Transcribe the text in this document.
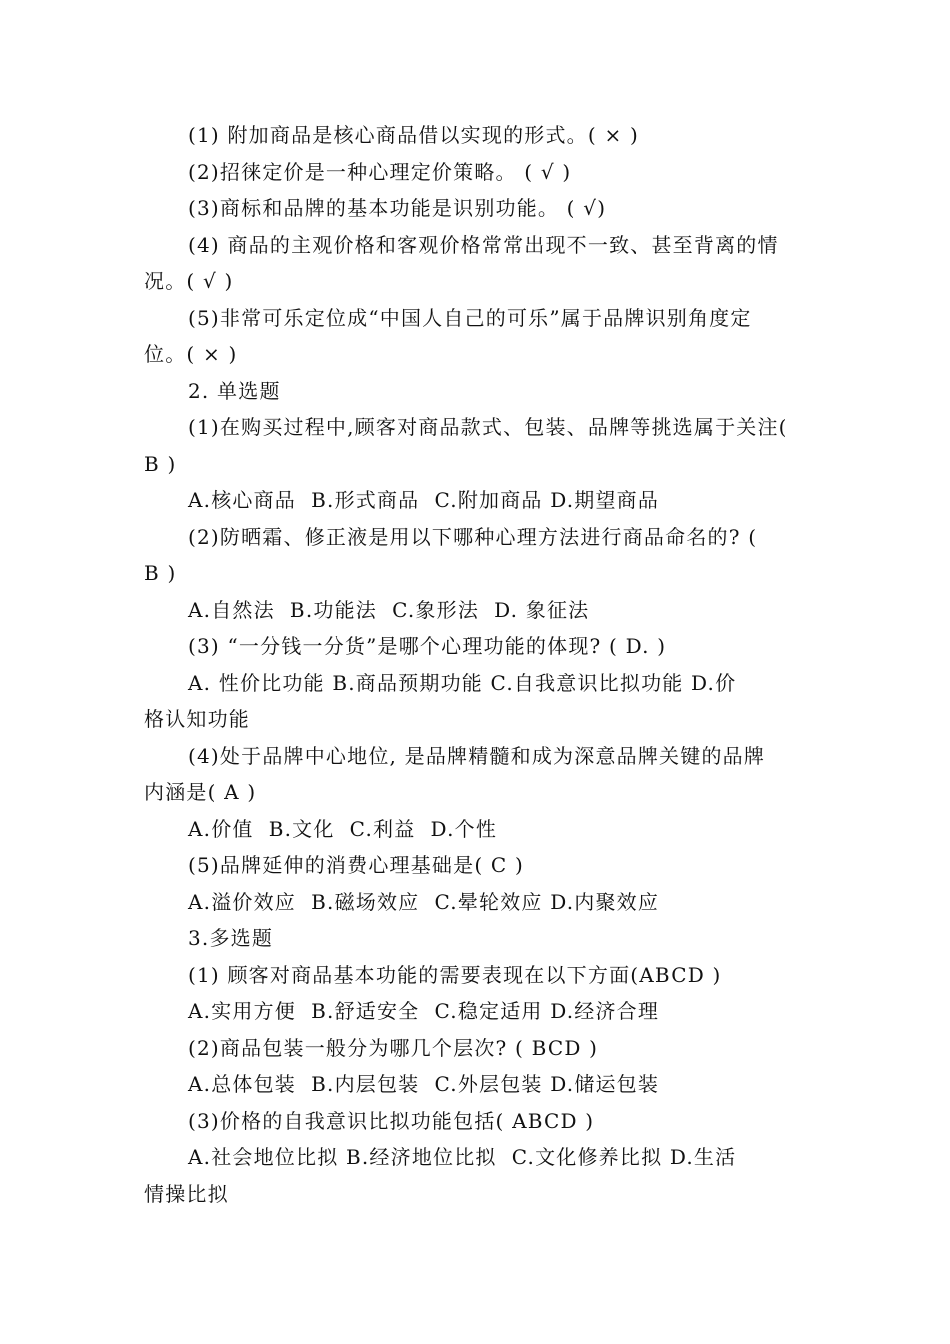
(1) 附加商品是核心商品借以实现的形式。( × )
(2)招徕定价是一种心理定价策略。 ( √ )
(3)商标和品牌的基本功能是识别功能。 ( √)
(4) 商品的主观价格和客观价格常常出现不一致、甚至背离的情
况。( √ )
(5)非常可乐定位成“中国人自己的可乐”属于品牌识别角度定
位。( × )
2. 单选题
(1)在购买过程中,顾客对商品款式、包装、品牌等挑选属于关注(
B )
A.核心商品  B.形式商品  C.附加商品 D.期望商品
(2)防晒霜、修正液是用以下哪种心理方法进行商品命名的? (
B )
A.自然法  B.功能法  C.象形法  D. 象征法
(3) “一分钱一分货”是哪个心理功能的体现? ( D. )
A. 性价比功能 B.商品预期功能 C.自我意识比拟功能 D.价
格认知功能
(4)处于品牌中心地位, 是品牌精髓和成为深意品牌关键的品牌
内涵是( A )
A.价值  B.文化  C.利益  D.个性
(5)品牌延伸的消费心理基础是( C )
A.溢价效应  B.磁场效应  C.晕轮效应 D.内聚效应
3.多选题
(1) 顾客对商品基本功能的需要表现在以下方面(ABCD )
A.实用方便  B.舒适安全  C.稳定适用 D.经济合理
(2)商品包装一般分为哪几个层次? ( BCD )
A.总体包装  B.内层包装  C.外层包装 D.储运包装
(3)价格的自我意识比拟功能包括( ABCD )
A.社会地位比拟 B.经济地位比拟  C.文化修养比拟 D.生活
情操比拟
